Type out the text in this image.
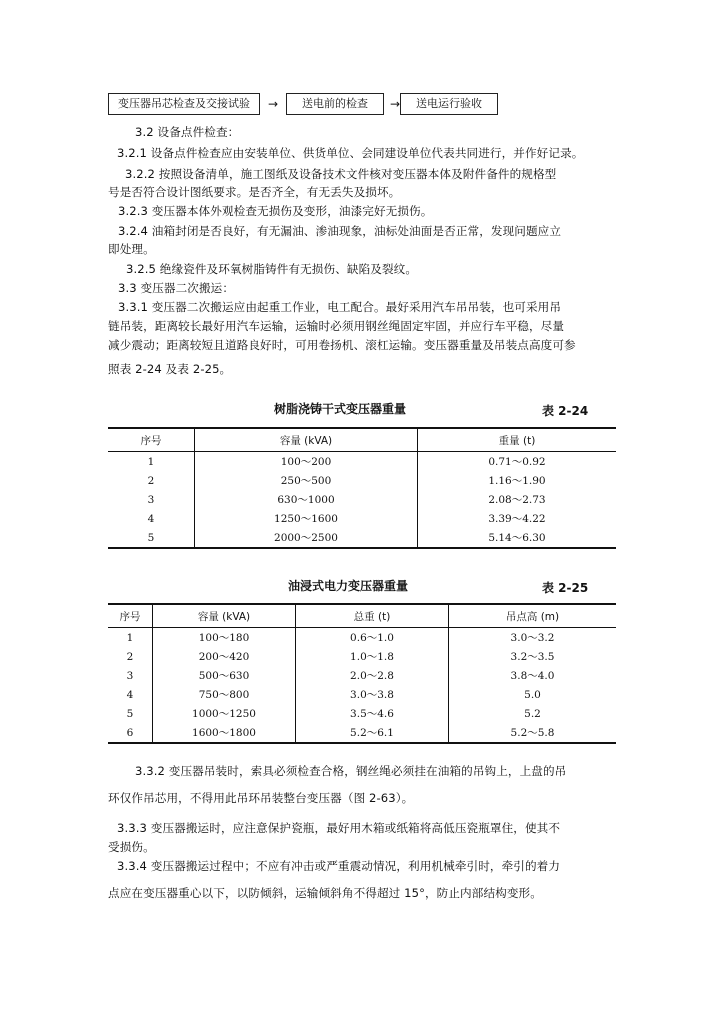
变压器吊芯检查及交接试验	→	送电前的检查	→	送电运行验收
3.2 设备点件检查：
3.2.1 设备点件检查应由安装单位、供货单位、会同建设单位代表共同进行，并作好记录。
3.2.2 按照设备清单，施工图纸及设备技术文件核对变压器本体及附件备件的规格型
号是否符合设计图纸要求。是否齐全，有无丢失及损坏。
3.2.3 变压器本体外观检查无损伤及变形，油漆完好无损伤。
3.2.4 油箱封闭是否良好，有无漏油、渗油现象，油标处油面是否正常，发现问题应立
即处理。
3.2.5 绝缘瓷件及环氧树脂铸件有无损伤、缺陷及裂纹。
3.3 变压器二次搬运：
3.3.1 变压器二次搬运应由起重工作业，电工配合。最好采用汽车吊吊装，也可采用吊
链吊装，距离较长最好用汽车运输，运输时必须用钢丝绳固定牢固，并应行车平稳，尽量
减少震动；距离较短且道路良好时，可用卷扬机、滚杠运输。变压器重量及吊装点高度可参
照表 2-24 及表 2-25。
树脂浇铸干式变压器重量	表 2-24
序号	容量 (kVA)	重量 (t)
1	100～200	0.71～0.92
2	250～500	1.16～1.90
3	630～1000	2.08～2.73
4	1250～1600	3.39～4.22
5	2000～2500	5.14～6.30
油浸式电力变压器重量	表 2-25
序号	容量 (kVA)	总重 (t)	吊点高 (m)
1	100～180	0.6～1.0	3.0～3.2
2	200～420	1.0～1.8	3.2～3.5
3	500～630	2.0～2.8	3.8～4.0
4	750～800	3.0～3.8	5.0
5	1000～1250	3.5～4.6	5.2
6	1600～1800	5.2～6.1	5.2～5.8
3.3.2 变压器吊装时，索具必须检查合格，钢丝绳必须挂在油箱的吊钩上，上盘的吊
环仅作吊芯用，不得用此吊环吊装整台变压器（图 2-63）。
3.3.3 变压器搬运时，应注意保护瓷瓶，最好用木箱或纸箱将高低压瓷瓶罩住，使其不
受损伤。
3.3.4 变压器搬运过程中；不应有冲击或严重震动情况，利用机械牵引时，牵引的着力
点应在变压器重心以下，以防倾斜，运输倾斜角不得超过 15°，防止内部结构变形。
